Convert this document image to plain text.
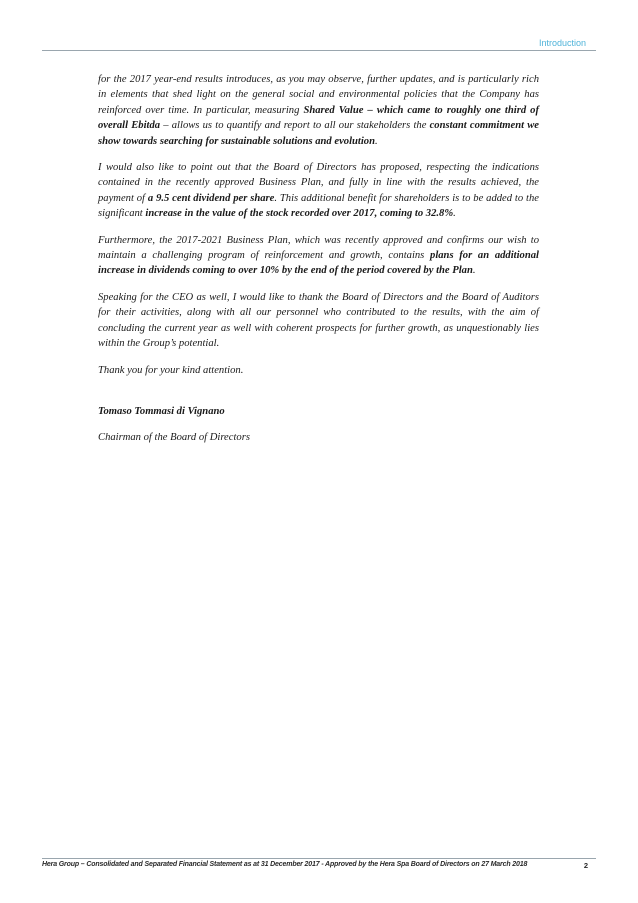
Introduction

for the 2017 year-end results introduces, as you may observe, further updates, and is particularly rich in elements that shed light on the general social and environmental policies that the Company has reinforced over time. In particular, measuring Shared Value – which came to roughly one third of overall Ebitda – allows us to quantify and report to all our stakeholders the constant commitment we show towards searching for sustainable solutions and evolution.

I would also like to point out that the Board of Directors has proposed, respecting the indications contained in the recently approved Business Plan, and fully in line with the results achieved, the payment of a 9.5 cent dividend per share. This additional benefit for shareholders is to be added to the significant increase in the value of the stock recorded over 2017, coming to 32.8%.

Furthermore, the 2017-2021 Business Plan, which was recently approved and confirms our wish to maintain a challenging program of reinforcement and growth, contains plans for an additional increase in dividends coming to over 10% by the end of the period covered by the Plan.

Speaking for the CEO as well, I would like to thank the Board of Directors and the Board of Auditors for their activities, along with all our personnel who contributed to the results, with the aim of concluding the current year as well with coherent prospects for further growth, as unquestionably lies within the Group’s potential.

Thank you for your kind attention.

Tomaso Tommasi di Vignano

Chairman of the Board of Directors

Hera Group – Consolidated and Separated Financial Statement as at 31 December 2017 - Approved by the Hera Spa Board of Directors on 27 March 2018	2
